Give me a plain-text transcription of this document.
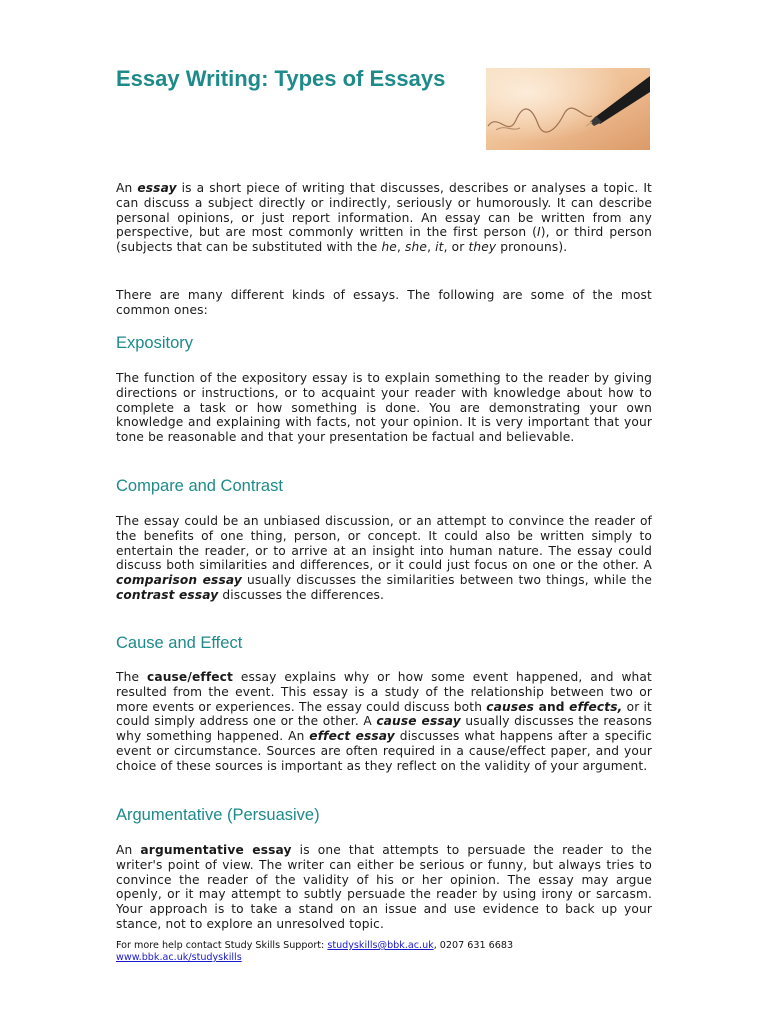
Essay Writing: Types of Essays

An essay is a short piece of writing that discusses, describes or analyses a topic. It can discuss a subject directly or indirectly, seriously or humorously. It can describe personal opinions, or just report information. An essay can be written from any perspective, but are most commonly written in the first person (I), or third person (subjects that can be substituted with the he, she, it, or they pronouns).

There are many different kinds of essays. The following are some of the most common ones:

Expository

The function of the expository essay is to explain something to the reader by giving directions or instructions, or to acquaint your reader with knowledge about how to complete a task or how something is done. You are demonstrating your own knowledge and explaining with facts, not your opinion. It is very important that your tone be reasonable and that your presentation be factual and believable.

Compare and Contrast

The essay could be an unbiased discussion, or an attempt to convince the reader of the benefits of one thing, person, or concept. It could also be written simply to entertain the reader, or to arrive at an insight into human nature. The essay could discuss both similarities and differences, or it could just focus on one or the other. A comparison essay usually discusses the similarities between two things, while the contrast essay discusses the differences.

Cause and Effect

The cause/effect essay explains why or how some event happened, and what resulted from the event. This essay is a study of the relationship between two or more events or experiences. The essay could discuss both causes and effects, or it could simply address one or the other. A cause essay usually discusses the reasons why something happened. An effect essay discusses what happens after a specific event or circumstance. Sources are often required in a cause/effect paper, and your choice of these sources is important as they reflect on the validity of your argument.

Argumentative (Persuasive)

An argumentative essay is one that attempts to persuade the reader to the writer's point of view. The writer can either be serious or funny, but always tries to convince the reader of the validity of his or her opinion. The essay may argue openly, or it may attempt to subtly persuade the reader by using irony or sarcasm. Your approach is to take a stand on an issue and use evidence to back up your stance, not to explore an unresolved topic.

For more help contact Study Skills Support: studyskills@bbk.ac.uk, 0207 631 6683
www.bbk.ac.uk/studyskills
